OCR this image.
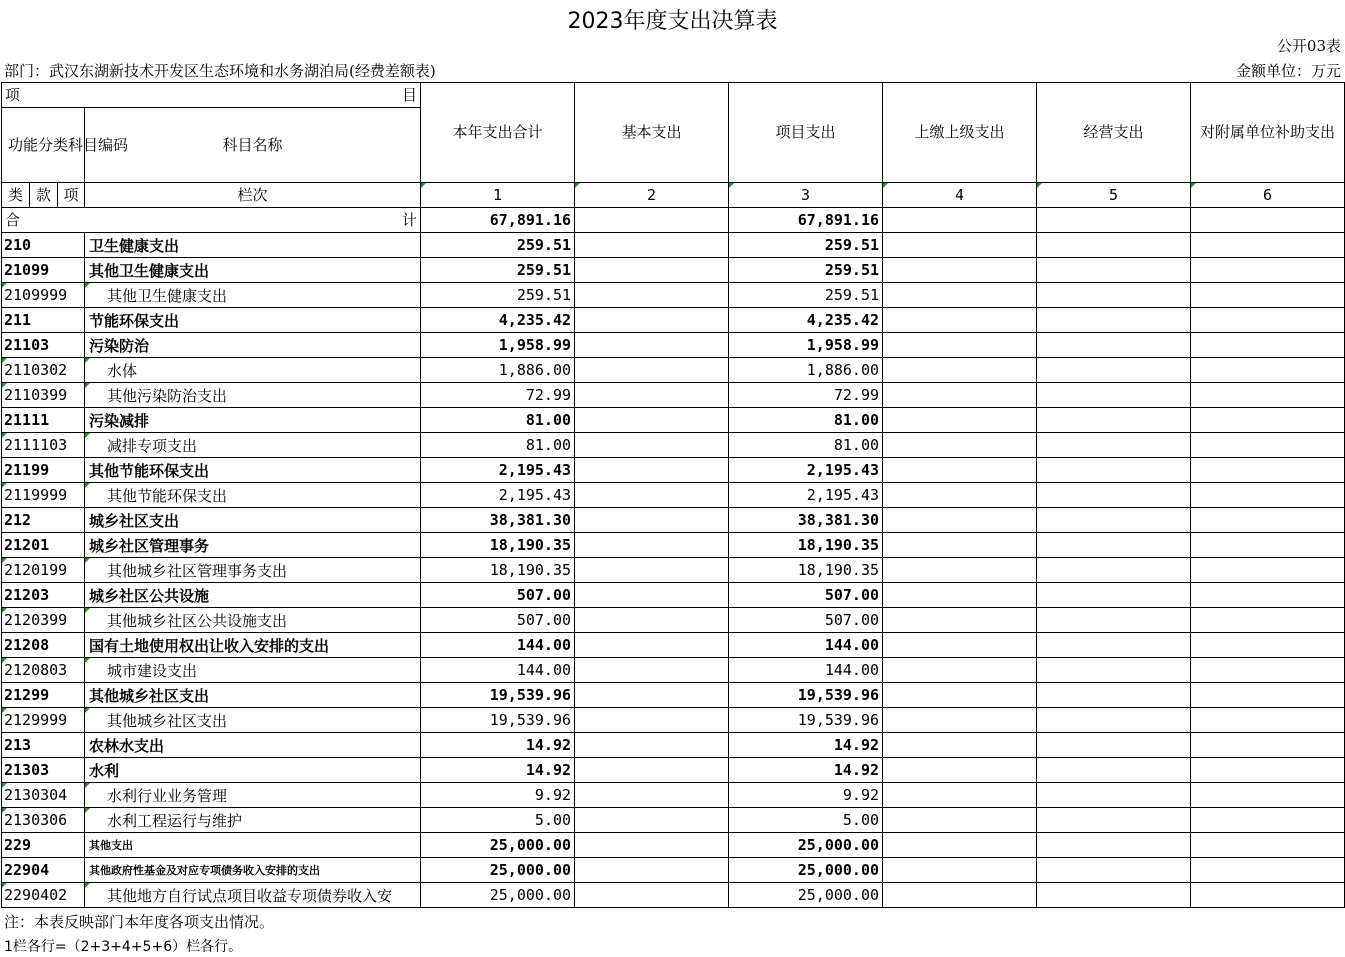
2023年度支出决算表
公开03表
部门：武汉东湖新技术开发区生态环境和水务湖泊局(经费差额表)	金额单位：万元
项 目				本年支出合计	基本支出	项目支出	上缴上级支出	经营支出	对附属单位补助支出
功能分类科目编码			科目名称						
类	款	项	栏次	1	2	3	4	5	6

合 计				67,891.16		67,891.16			
210			卫生健康支出	259.51		259.51			
21099			其他卫生健康支出	259.51		259.51			
2109999			其他卫生健康支出	259.51		259.51			
211			节能环保支出	4,235.42		4,235.42			
21103			污染防治	1,958.99		1,958.99			
2110302			水体	1,886.00		1,886.00			
2110399			其他污染防治支出	72.99		72.99			
21111			污染减排	81.00		81.00			
2111103			减排专项支出	81.00		81.00			
21199			其他节能环保支出	2,195.43		2,195.43			
2119999			其他节能环保支出	2,195.43		2,195.43			
212			城乡社区支出	38,381.30		38,381.30			
21201			城乡社区管理事务	18,190.35		18,190.35			
2120199			其他城乡社区管理事务支出	18,190.35		18,190.35			
21203			城乡社区公共设施	507.00		507.00			
2120399			其他城乡社区公共设施支出	507.00		507.00			
21208			国有土地使用权出让收入安排的支出	144.00		144.00			
2120803			城市建设支出	144.00		144.00			
21299			其他城乡社区支出	19,539.96		19,539.96			
2129999			其他城乡社区支出	19,539.96		19,539.96			
213			农林水支出	14.92		14.92			
21303			水利	14.92		14.92			
2130304			水利行业业务管理	9.92		9.92			
2130306			水利工程运行与维护	5.00		5.00			
229			其他支出	25,000.00		25,000.00			
22904			其他政府性基金及对应专项债务收入安排的支出	25,000.00		25,000.00			
2290402			其他地方自行试点项目收益专项债券收入安	25,000.00		25,000.00			
注：本表反映部门本年度各项支出情况。
1栏各行=（2+3+4+5+6）栏各行。
